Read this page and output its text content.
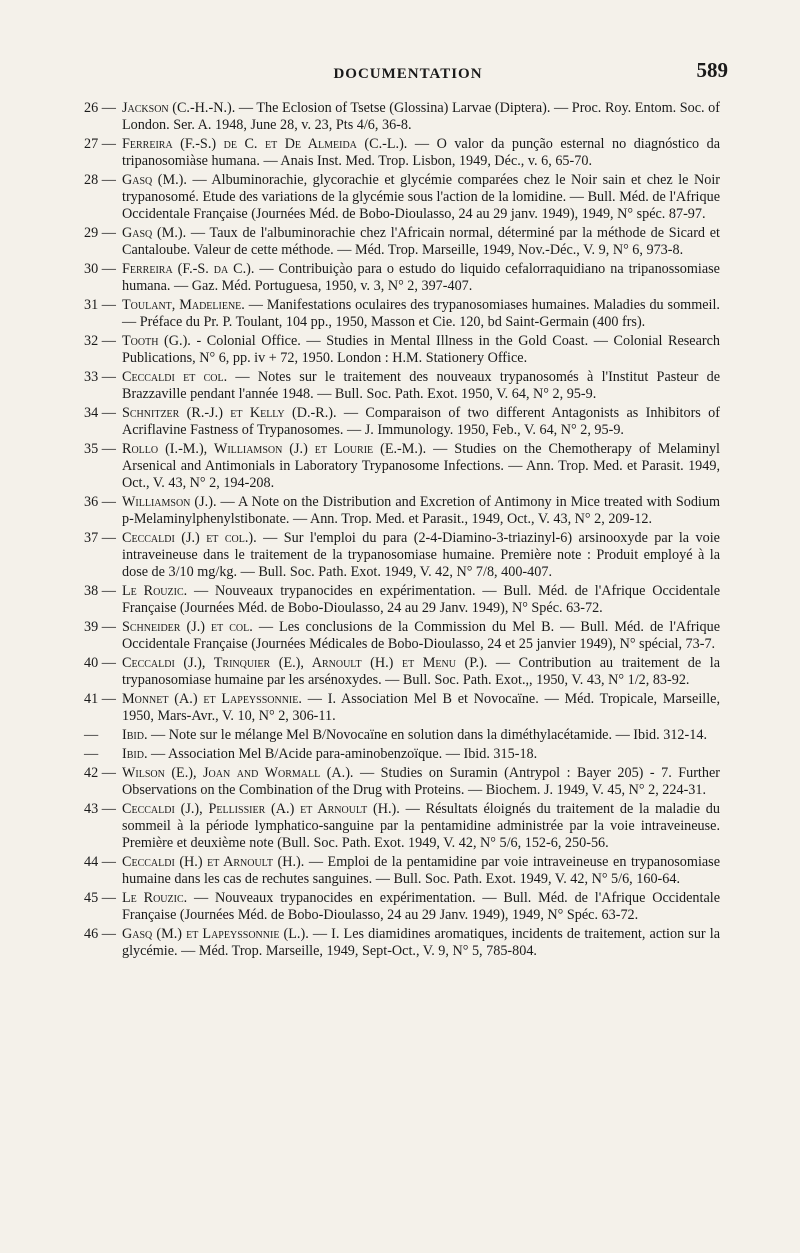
DOCUMENTATION	589
26 — Jackson (C.-H.-N.). — The Eclosion of Tsetse (Glossina) Larvae (Diptera). — Proc. Roy. Entom. Soc. of London. Ser. A. 1948, June 28, v. 23, Pts 4/6, 36-8.
27 — Ferreira (F.-S.) de C. et De Almeida (C.-L.). — O valor da punção esternal no diagnóstico da tripanosomiàse humana. — Anais Inst. Med. Trop. Lisbon, 1949, Déc., v. 6, 65-70.
28 — Gasq (M.). — Albuminorachie, glycorachie et glycémie comparées chez le Noir sain et chez le Noir trypanosomé. Etude des variations de la glycémie sous l'action de la lomidine. — Bull. Méd. de l'Afrique Occidentale Française (Journées Méd. de Bobo-Dioulasso, 24 au 29 janv. 1949), 1949, N° spéc. 87-97.
29 — Gasq (M.). — Taux de l'albuminorachie chez l'Africain normal, déterminé par la méthode de Sicard et Cantaloube. Valeur de cette méthode. — Méd. Trop. Marseille, 1949, Nov.-Déc., V. 9, N° 6, 973-8.
30 — Ferreira (F.-S. da C.). — Contribuiçào para o estudo do liquido cefalorraquidiano na tripanossomiase humana. — Gaz. Méd. Portuguesa, 1950, v. 3, N° 2, 397-407.
31 — Toulant, Madeliene. — Manifestations oculaires des trypanosomiases humaines. Maladies du sommeil. — Préface du Pr. P. Toulant, 104 pp., 1950, Masson et Cie. 120, bd Saint-Germain (400 frs).
32 — Tooth (G.). - Colonial Office. — Studies in Mental Illness in the Gold Coast. — Colonial Research Publications, N° 6, pp. iv + 72, 1950. London : H.M. Stationery Office.
33 — Ceccaldi et col. — Notes sur le traitement des nouveaux trypanosomés à l'Institut Pasteur de Brazzaville pendant l'année 1948. — Bull. Soc. Path. Exot. 1950, V. 64, N° 2, 95-9.
34 — Schnitzer (R.-J.) et Kelly (D.-R.). — Comparaison of two different Antagonists as Inhibitors of Acriflavine Fastness of Trypanosomes. — J. Immunology. 1950, Feb., V. 64, N° 2, 95-9.
35 — Rollo (I.-M.), Williamson (J.) et Lourie (E.-M.). — Studies on the Chemotherapy of Melaminyl Arsenical and Antimonials in Laboratory Trypanosome Infections. — Ann. Trop. Med. et Parasit. 1949, Oct., V. 43, N° 2, 194-208.
36 — Williamson (J.). — A Note on the Distribution and Excretion of Antimony in Mice treated with Sodium p-Melaminylphenylstibonate. — Ann. Trop. Med. et Parasit., 1949, Oct., V. 43, N° 2, 209-12.
37 — Ceccaldi (J.) et col.). — Sur l'emploi du para (2-4-Diamino-3-triazinyl-6) arsinooxyde par la voie intraveineuse dans le traitement de la trypanosomiase humaine. Première note : Produit employé à la dose de 3/10 mg/kg. — Bull. Soc. Path. Exot. 1949, V. 42, N° 7/8, 400-407.
38 — Le Rouzic. — Nouveaux trypanocides en expérimentation. — Bull. Méd. de l'Afrique Occidentale Française (Journées Méd. de Bobo-Dioulasso, 24 au 29 Janv. 1949), N° Spéc. 63-72.
39 — Schneider (J.) et col. — Les conclusions de la Commission du Mel B. — Bull. Méd. de l'Afrique Occidentale Française (Journées Médicales de Bobo-Dioulasso, 24 et 25 janvier 1949), N° spécial, 73-7.
40 — Ceccaldi (J.), Trinquier (E.), Arnoult (H.) et Menu (P.). — Contribution au traitement de la trypanosomiase humaine par les arsénoxydes. — Bull. Soc. Path. Exot.,, 1950, V. 43, N° 1/2, 83-92.
41 — Monnet (A.) et Lapeyssonnie. — I. Association Mel B et Novocaïne. — Méd. Tropicale, Marseille, 1950, Mars-Avr., V. 10, N° 2, 306-11.
—	Ibid. — Note sur le mélange Mel B/Novocaïne en solution dans la diméthylacétamide. — Ibid. 312-14.
—	Ibid. — Association Mel B/Acide para-aminobenzoïque. — Ibid. 315-18.
42 — Wilson (E.), Joan and Wormall (A.). — Studies on Suramin (Antrypol : Bayer 205) - 7. Further Observations on the Combination of the Drug with Proteins. — Biochem. J. 1949, V. 45, N° 2, 224-31.
43 — Ceccaldi (J.), Pellissier (A.) et Arnoult (H.). — Résultats éloignés du traitement de la maladie du sommeil à la période lymphatico-sanguine par la pentamidine administrée par la voie intraveineuse. Première et deuxième note (Bull. Soc. Path. Exot. 1949, V. 42, N° 5/6, 152-6, 250-56.
44 — Ceccaldi (H.) et Arnoult (H.). — Emploi de la pentamidine par voie intraveineuse en trypanosomiase humaine dans les cas de rechutes sanguines. — Bull. Soc. Path. Exot. 1949, V. 42, N° 5/6, 160-64.
45 — Le Rouzic. — Nouveaux trypanocides en expérimentation. — Bull. Méd. de l'Afrique Occidentale Française (Journées Méd. de Bobo-Dioulasso, 24 au 29 Janv. 1949), 1949, N° Spéc. 63-72.
46 — Gasq (M.) et Lapeyssonnie (L.). — I. Les diamidines aromatiques, incidents de traitement, action sur la glycémie. — Méd. Trop. Marseille, 1949, Sept-Oct., V. 9, N° 5, 785-804.
